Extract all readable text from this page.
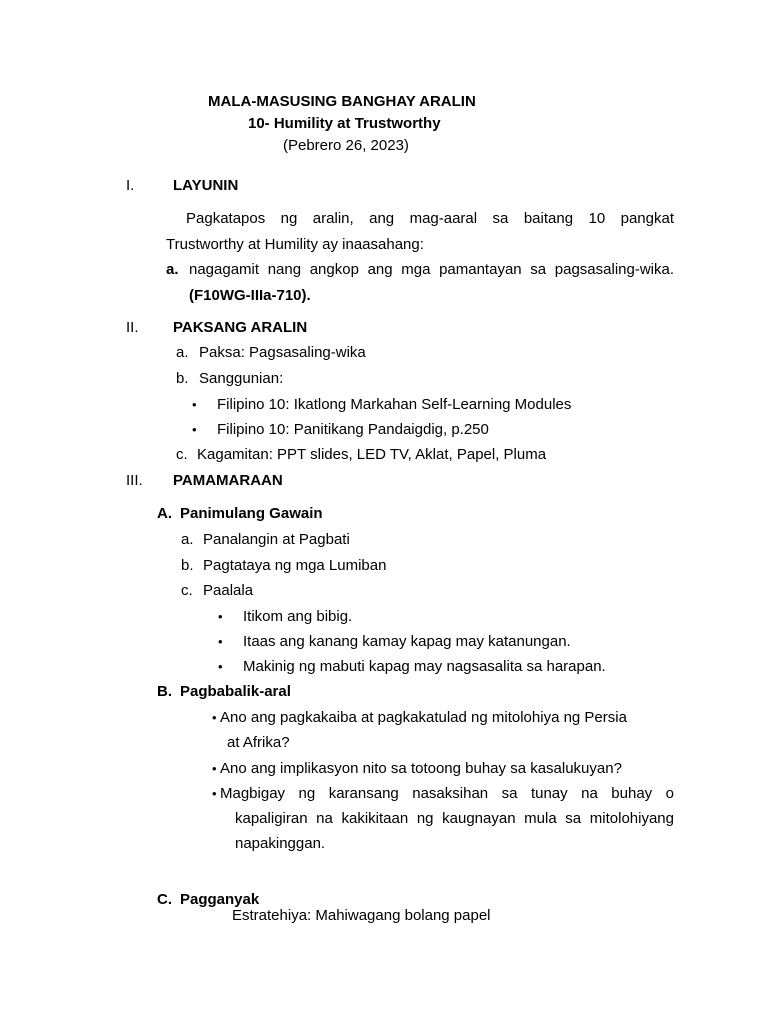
MALA-MASUSING BANGHAY ARALIN
10- Humility at Trustworthy
(Pebrero 26, 2023)
I.	LAYUNIN
Pagkatapos ng aralin, ang mag-aaral sa baitang 10 pangkat
Trustworthy at Humility ay inaasahang:
a. nagagamit nang angkop ang mga pamantayan sa pagsasaling-wika.
(F10WG-IIIa-710).
II. PAKSANG ARALIN
a. Paksa: Pagsasaling-wika
b. Sanggunian:
• Filipino 10: Ikatlong Markahan Self-Learning Modules
• Filipino 10: Panitikang Pandaigdig, p.250
c. Kagamitan: PPT slides, LED TV, Aklat, Papel, Pluma
III. PAMAMARAAN
A. Panimulang Gawain
a. Panalangin at Pagbati
b. Pagtataya ng mga Lumiban
c. Paalala
• Itikom ang bibig.
• Itaas ang kanang kamay kapag may katanungan.
• Makinig ng mabuti kapag may nagsasalita sa harapan.
B. Pagbabalik-aral
• Ano ang pagkakaiba at pagkakatulad ng mitolohiya ng Persia
at Afrika?
• Ano ang implikasyon nito sa totoong buhay sa kasalukuyan?
• Magbigay ng karansang nasaksihan sa tunay na buhay o
kapaligiran na kakikitaan ng kaugnayan mula sa mitolohiyang
napakinggan.
C. Pagganyak
Estratehiya: Mahiwagang bolang papel
